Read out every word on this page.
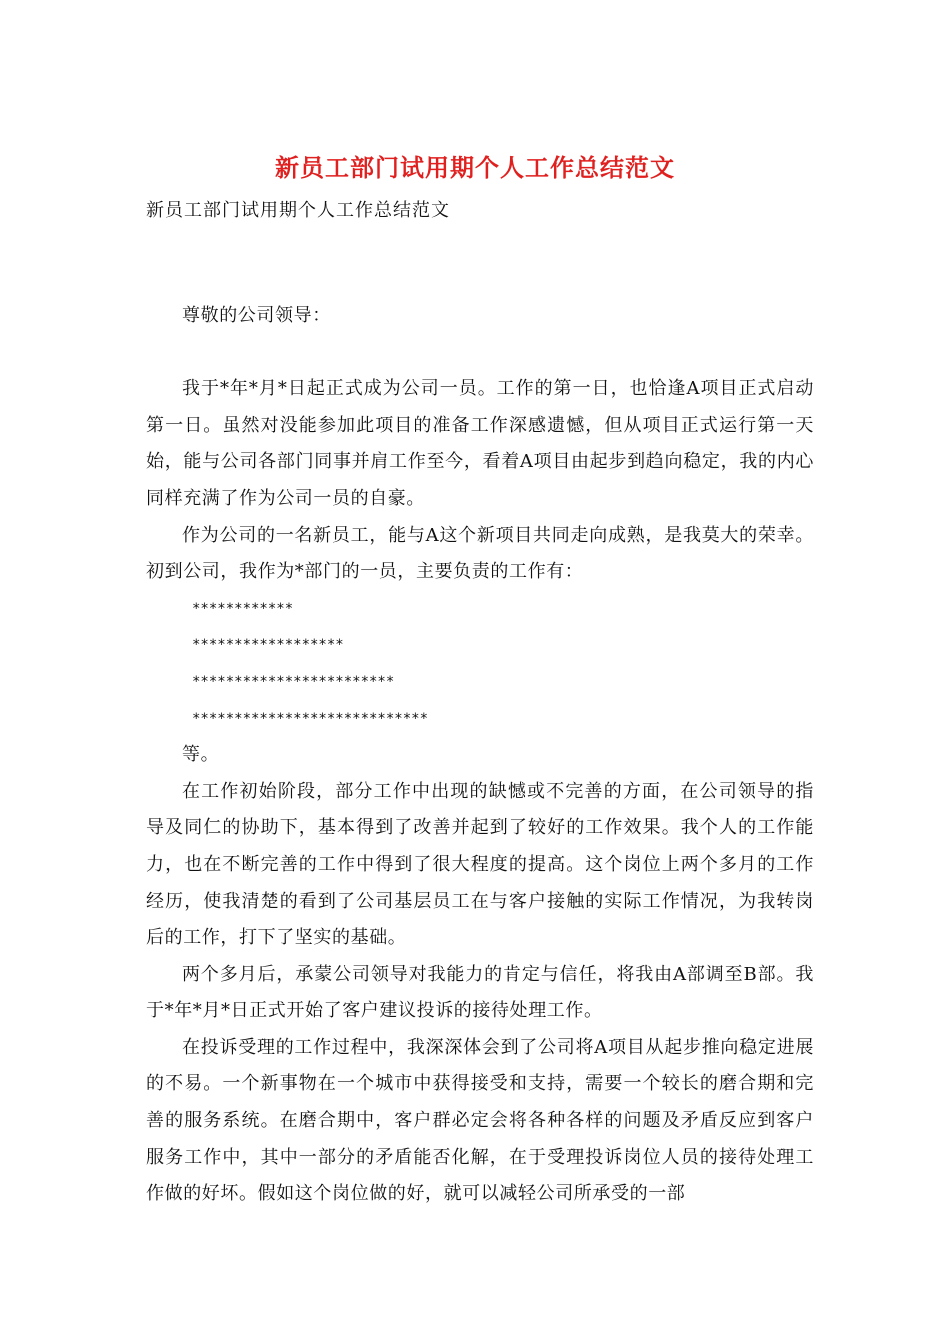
新员工部门试用期个人工作总结范文
新员工部门试用期个人工作总结范文

尊敬的公司领导：

我于*年*月*日起正式成为公司一员。工作的第一日，也恰逢A项目正式启动第一日。虽然对没能参加此项目的准备工作深感遗憾，但从项目正式运行第一天始，能与公司各部门同事并肩工作至今，看着A项目由起步到趋向稳定，我的内心同样充满了作为公司一员的自豪。

作为公司的一名新员工，能与A这个新项目共同走向成熟，是我莫大的荣幸。初到公司，我作为*部门的一员，主要负责的工作有：

************

******************

************************

****************************

等。

在工作初始阶段，部分工作中出现的缺憾或不完善的方面，在公司领导的指导及同仁的协助下，基本得到了改善并起到了较好的工作效果。我个人的工作能力，也在不断完善的工作中得到了很大程度的提高。这个岗位上两个多月的工作经历，使我清楚的看到了公司基层员工在与客户接触的实际工作情况，为我转岗后的工作，打下了坚实的基础。

两个多月后，承蒙公司领导对我能力的肯定与信任，将我由A部调至B部。我于*年*月*日正式开始了客户建议投诉的接待处理工作。

在投诉受理的工作过程中，我深深体会到了公司将A项目从起步推向稳定进展的不易。一个新事物在一个城市中获得接受和支持，需要一个较长的磨合期和完善的服务系统。在磨合期中，客户群必定会将各种各样的问题及矛盾反应到客户服务工作中，其中一部分的矛盾能否化解，在于受理投诉岗位人员的接待处理工作做的好坏。假如这个岗位做的好，就可以减轻公司所承受的一部
